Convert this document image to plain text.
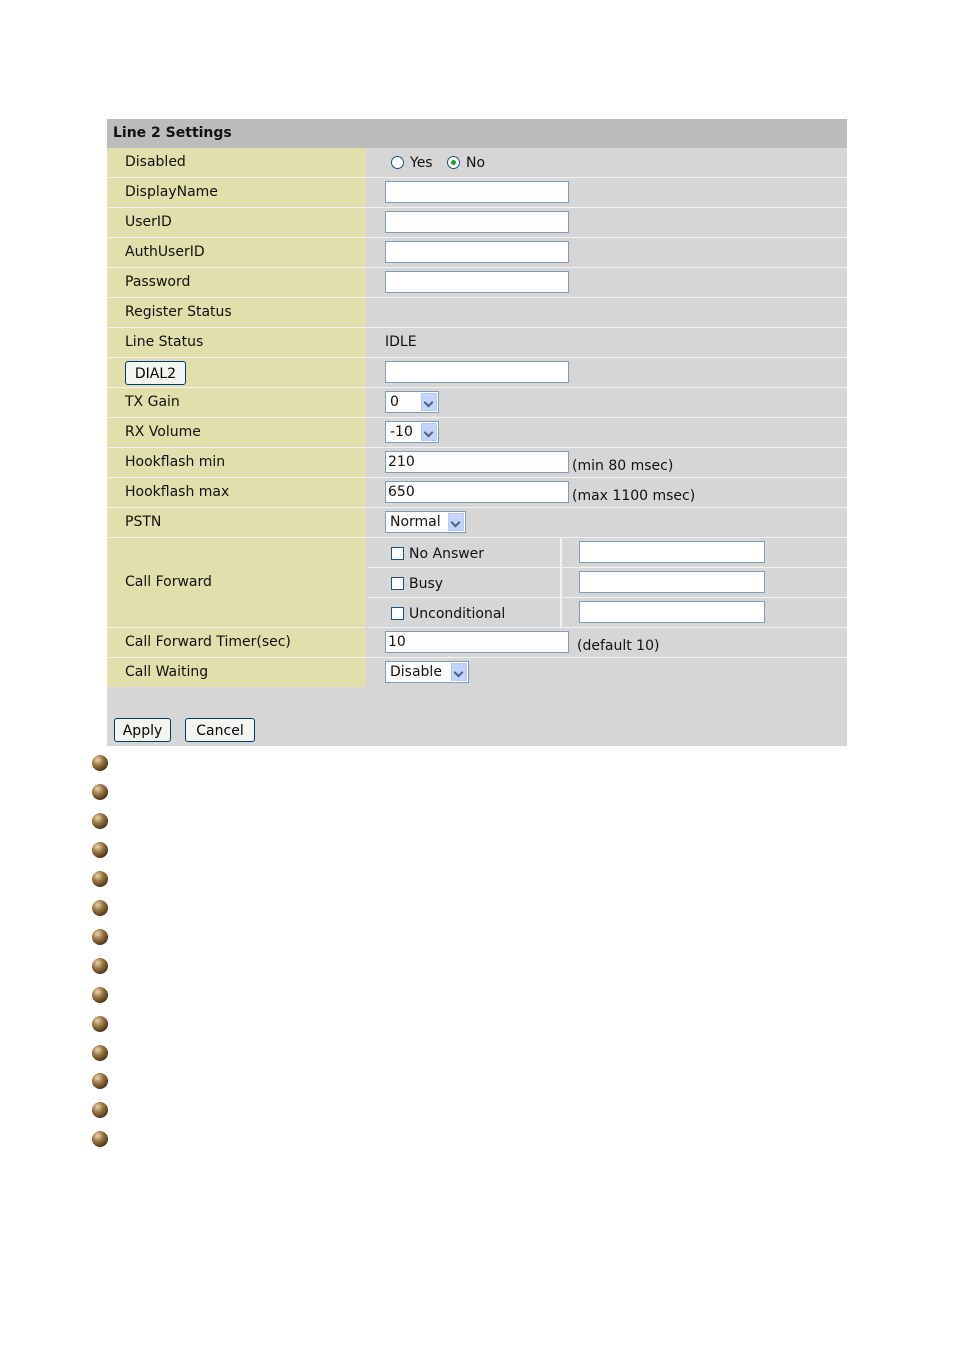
Line 2 Settings
Disabled	Yes No
DisplayName
UserID
AuthUserID
Password
Register Status
Line Status	IDLE
DIAL2
TX Gain	0
RX Volume	-10
Hookflash min	210	(min 80 msec)
Hookflash max	650	(max 1100 msec)
PSTN	Normal
Call Forward
No Answer
Busy
Unconditional
Call Forward Timer(sec)	10	(default 10)
Call Waiting	Disable
Apply	Cancel
